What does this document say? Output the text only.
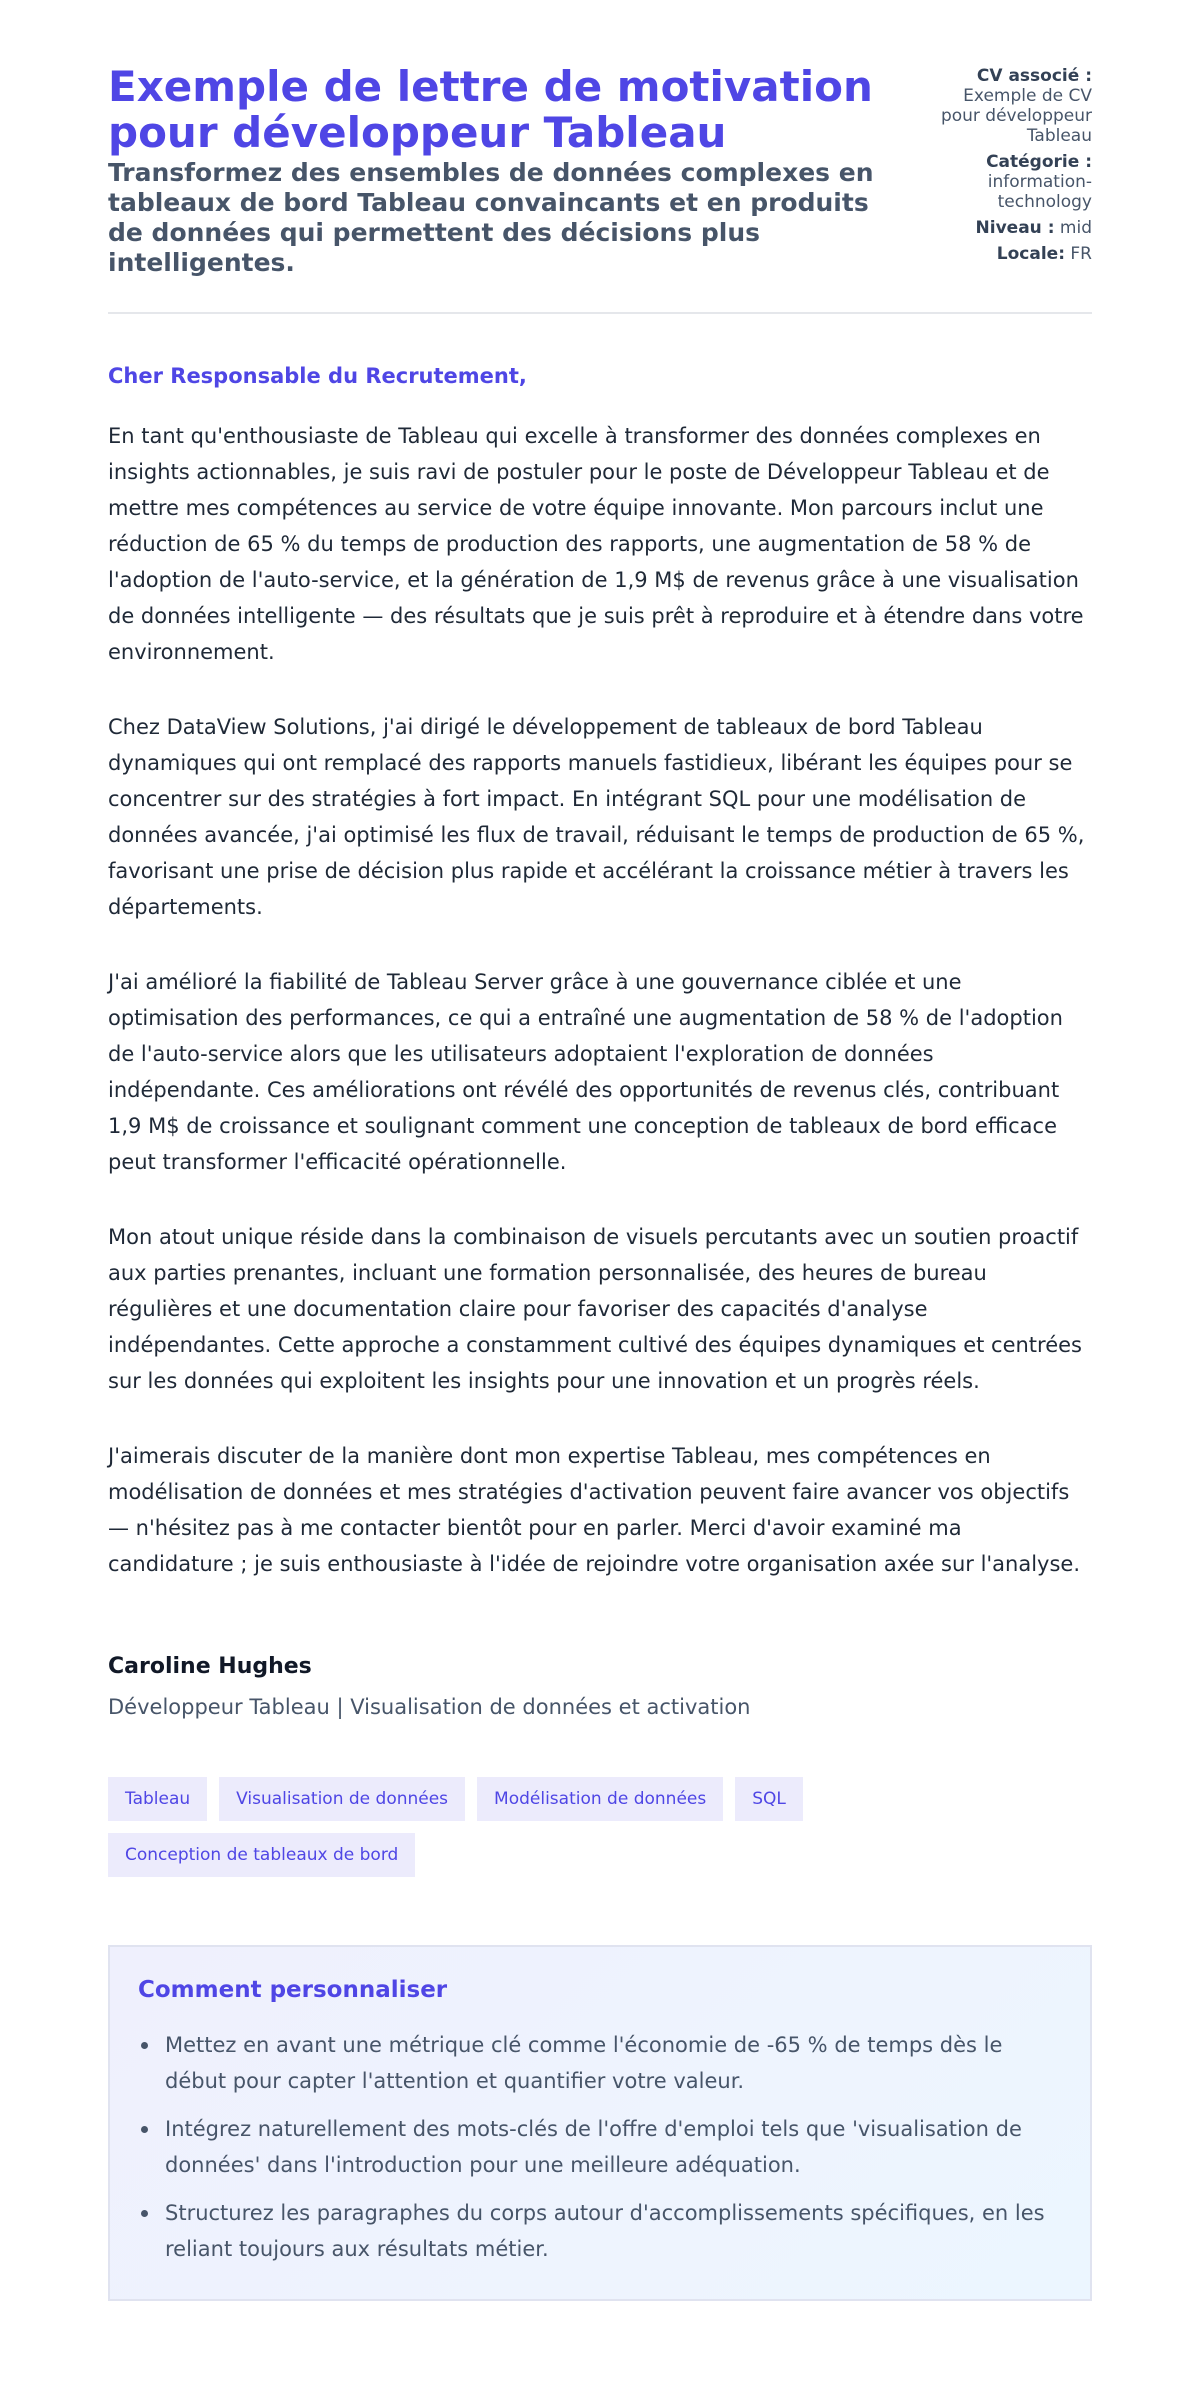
Exemple de lettre de motivation pour développeur Tableau
Transformez des ensembles de données complexes en tableaux de bord Tableau convaincants et en produits de données qui permettent des décisions plus intelligentes.
CV associé : Exemple de CV pour développeur Tableau
Catégorie : information-technology
Niveau : mid
Locale: FR
Cher Responsable du Recrutement,

En tant qu'enthousiaste de Tableau qui excelle à transformer des données complexes en insights actionnables, je suis ravi de postuler pour le poste de Développeur Tableau et de mettre mes compétences au service de votre équipe innovante. Mon parcours inclut une réduction de 65 % du temps de production des rapports, une augmentation de 58 % de l'adoption de l'auto-service, et la génération de 1,9 M$ de revenus grâce à une visualisation de données intelligente — des résultats que je suis prêt à reproduire et à étendre dans votre environnement.

Chez DataView Solutions, j'ai dirigé le développement de tableaux de bord Tableau dynamiques qui ont remplacé des rapports manuels fastidieux, libérant les équipes pour se concentrer sur des stratégies à fort impact. En intégrant SQL pour une modélisation de données avancée, j'ai optimisé les flux de travail, réduisant le temps de production de 65 %, favorisant une prise de décision plus rapide et accélérant la croissance métier à travers les départements.

J'ai amélioré la fiabilité de Tableau Server grâce à une gouvernance ciblée et une optimisation des performances, ce qui a entraîné une augmentation de 58 % de l'adoption de l'auto-service alors que les utilisateurs adoptaient l'exploration de données indépendante. Ces améliorations ont révélé des opportunités de revenus clés, contribuant 1,9 M$ de croissance et soulignant comment une conception de tableaux de bord efficace peut transformer l'efficacité opérationnelle.

Mon atout unique réside dans la combinaison de visuels percutants avec un soutien proactif aux parties prenantes, incluant une formation personnalisée, des heures de bureau régulières et une documentation claire pour favoriser des capacités d'analyse indépendantes. Cette approche a constamment cultivé des équipes dynamiques et centrées sur les données qui exploitent les insights pour une innovation et un progrès réels.

J'aimerais discuter de la manière dont mon expertise Tableau, mes compétences en modélisation de données et mes stratégies d'activation peuvent faire avancer vos objectifs — n'hésitez pas à me contacter bientôt pour en parler. Merci d'avoir examiné ma candidature ; je suis enthousiaste à l'idée de rejoindre votre organisation axée sur l'analyse.

Caroline Hughes
Développeur Tableau | Visualisation de données et activation
Tableau	Visualisation de données	Modélisation de données	SQL
Conception de tableaux de bord
Comment personnaliser
Mettez en avant une métrique clé comme l'économie de -65 % de temps dès le début pour capter l'attention et quantifier votre valeur.
Intégrez naturellement des mots-clés de l'offre d'emploi tels que 'visualisation de données' dans l'introduction pour une meilleure adéquation.
Structurez les paragraphes du corps autour d'accomplissements spécifiques, en les reliant toujours aux résultats métier.
